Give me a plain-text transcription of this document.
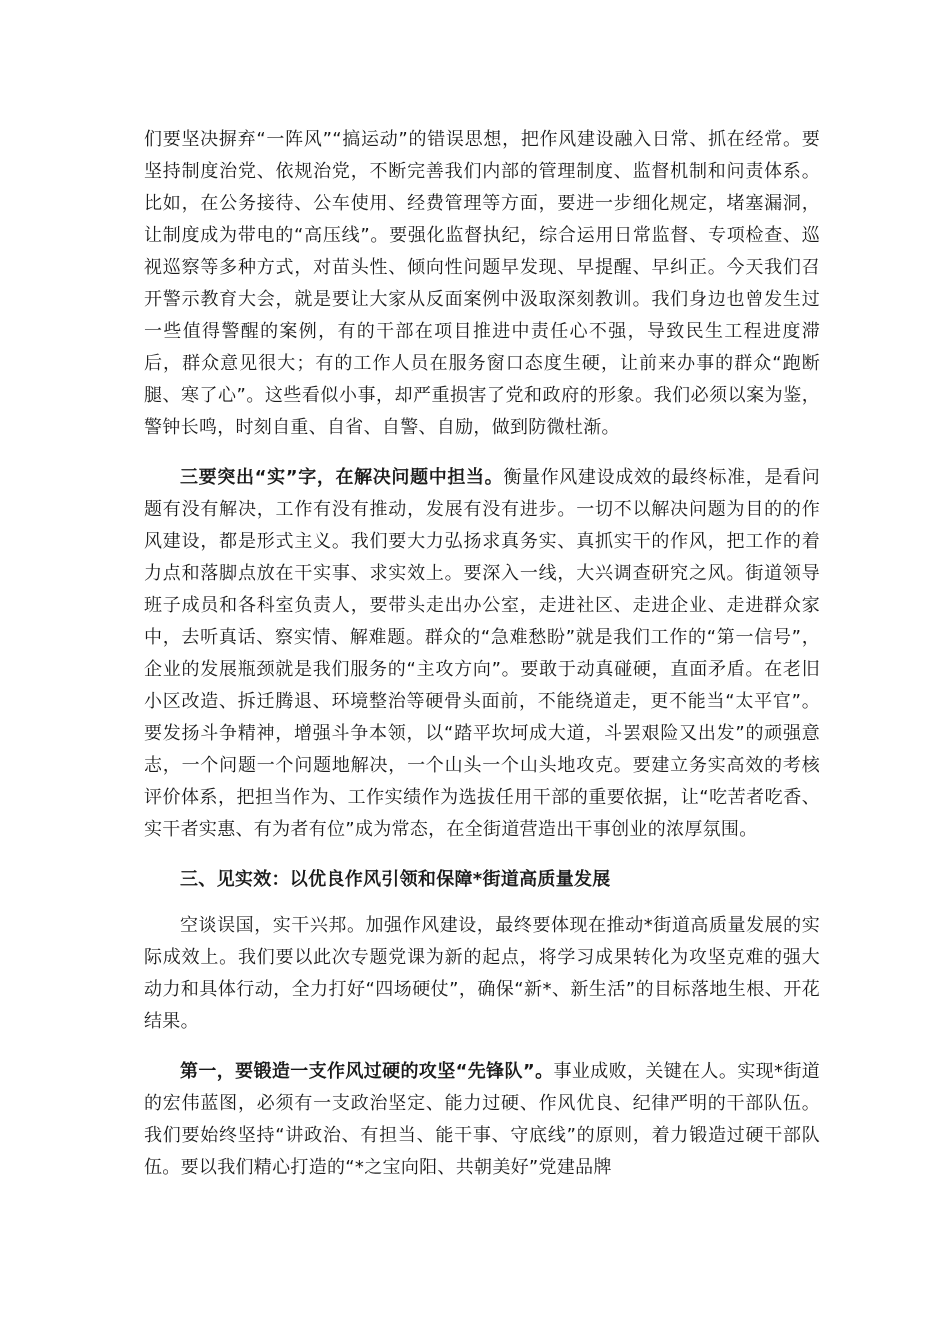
们要坚决摒弃“一阵风”“搞运动”的错误思想，把作风建设融入日常、抓在经常。要坚持制度治党、依规治党，不断完善我们内部的管理制度、监督机制和问责体系。比如，在公务接待、公车使用、经费管理等方面，要进一步细化规定，堵塞漏洞，让制度成为带电的“高压线”。要强化监督执纪，综合运用日常监督、专项检查、巡视巡察等多种方式，对苗头性、倾向性问题早发现、早提醒、早纠正。今天我们召开警示教育大会，就是要让大家从反面案例中汲取深刻教训。我们身边也曾发生过一些值得警醒的案例，有的干部在项目推进中责任心不强，导致民生工程进度滞后，群众意见很大；有的工作人员在服务窗口态度生硬，让前来办事的群众“跑断腿、寒了心”。这些看似小事，却严重损害了党和政府的形象。我们必须以案为鉴，警钟长鸣，时刻自重、自省、自警、自励，做到防微杜渐。

三要突出“实”字，在解决问题中担当。衡量作风建设成效的最终标准，是看问题有没有解决，工作有没有推动，发展有没有进步。一切不以解决问题为目的的作风建设，都是形式主义。我们要大力弘扬求真务实、真抓实干的作风，把工作的着力点和落脚点放在干实事、求实效上。要深入一线，大兴调查研究之风。街道领导班子成员和各科室负责人，要带头走出办公室，走进社区、走进企业、走进群众家中，去听真话、察实情、解难题。群众的“急难愁盼”就是我们工作的“第一信号”，企业的发展瓶颈就是我们服务的“主攻方向”。要敢于动真碰硬，直面矛盾。在老旧小区改造、拆迁腾退、环境整治等硬骨头面前，不能绕道走，更不能当“太平官”。要发扬斗争精神，增强斗争本领，以“踏平坎坷成大道，斗罢艰险又出发”的顽强意志，一个问题一个问题地解决，一个山头一个山头地攻克。要建立务实高效的考核评价体系，把担当作为、工作实绩作为选拔任用干部的重要依据，让“吃苦者吃香、实干者实惠、有为者有位”成为常态，在全街道营造出干事创业的浓厚氛围。

三、见实效：以优良作风引领和保障*街道高质量发展

空谈误国，实干兴邦。加强作风建设，最终要体现在推动*街道高质量发展的实际成效上。我们要以此次专题党课为新的起点，将学习成果转化为攻坚克难的强大动力和具体行动，全力打好“四场硬仗”，确保“新*、新生活”的目标落地生根、开花结果。

第一，要锻造一支作风过硬的攻坚“先锋队”。事业成败，关键在人。实现*街道的宏伟蓝图，必须有一支政治坚定、能力过硬、作风优良、纪律严明的干部队伍。我们要始终坚持“讲政治、有担当、能干事、守底线”的原则，着力锻造过硬干部队伍。要以我们精心打造的“*之宝向阳、共朝美好”党建品牌
